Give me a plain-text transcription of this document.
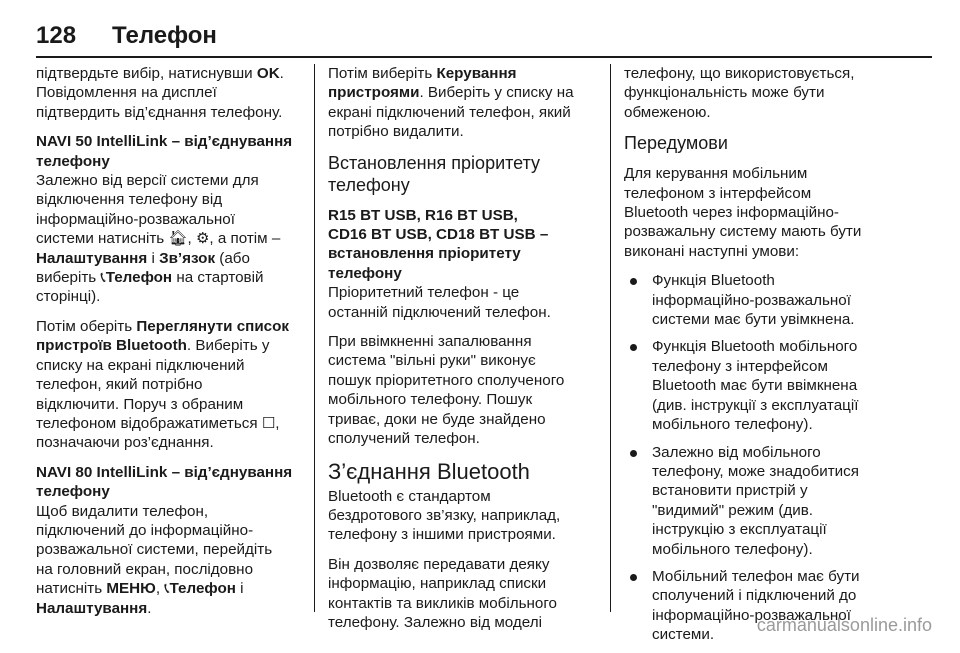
128 Телефон

підтвердьте вибір, натиснувши OK.
Повідомлення на дисплеї
підтвердить від’єднання телефону.

NAVI 50 IntelliLink – від’єднування
телефону

Залежно від версії системи для
відключення телефону від
інформаційно-розважальної
системи натисніть 🏠︎, ⚙, а потім –
Налаштування і Зв’язок (або
виберіть 📞︎Телефон на стартовій
сторінці).

Потім оберіть Переглянути список
пристроїв Bluetooth. Виберіть у
списку на екрані підключений
телефон, який потрібно
відключити. Поруч з обраним
телефоном відображатиметься ☐,
позначаючи роз’єднання.

NAVI 80 IntelliLink – від’єднування
телефону

Щоб видалити телефон,
підключений до інформаційно-
розважальної системи, перейдіть
на головний екран, послідовно
натисніть МЕНЮ, 📞︎Телефон і
Налаштування.

Потім виберіть Керування
пристроями. Виберіть у списку на
екрані підключений телефон, який
потрібно видалити.

Встановлення пріоритету
телефону

R15 BT USB, R16 BT USB,
CD16 BT USB, CD18 BT USB –
встановлення пріоритету
телефону

Пріоритетний телефон - це
останній підключений телефон.

При ввімкненні запалювання
система "вільні руки" виконує
пошук пріоритетного сполученого
мобільного телефону. Пошук
триває, доки не буде знайдено
сполучений телефон.

З’єднання Bluetooth

Bluetooth є стандартом
бездротового зв’язку, наприклад,
телефону з іншими пристроями.

Він дозволяє передавати деяку
інформацію, наприклад списки
контактів та викликів мобільного
телефону. Залежно від моделі

телефону, що використовується,
функціональність може бути
обмеженою.

Передумови

Для керування мобільним
телефоном з інтерфейсом
Bluetooth через інформаційно-
розважальну систему мають бути
виконані наступні умови:

Функція Bluetooth
інформаційно-розважальної
системи має бути увімкнена.
Функція Bluetooth мобільного
телефону з інтерфейсом
Bluetooth має бути ввімкнена
(див. інструкції з експлуатації
мобільного телефону).
Залежно від мобільного
телефону, може знадобитися
встановити пристрій у
"видимий" режим (див.
інструкцію з експлуатації
мобільного телефону).
Мобільний телефон має бути
сполучений і підключений до
інформаційно-розважальної
системи.	carmanualsonline.info
